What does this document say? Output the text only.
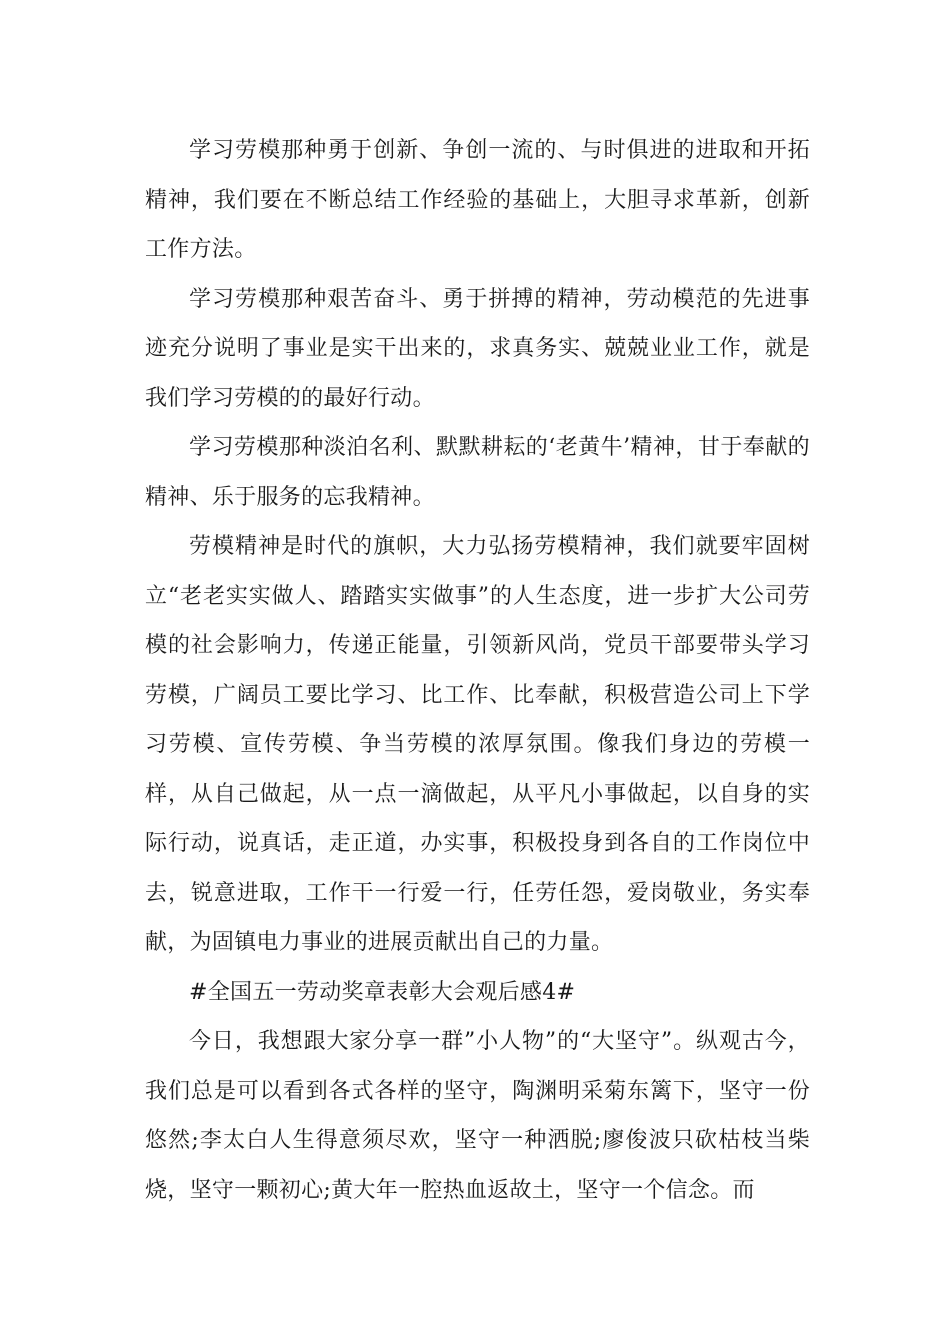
学习劳模那种勇于创新、争创一流的、与时俱进的进取和开拓精神，我们要在不断总结工作经验的基础上，大胆寻求革新，创新工作方法。

学习劳模那种艰苦奋斗、勇于拼搏的精神，劳动模范的先进事迹充分说明了事业是实干出来的，求真务实、兢兢业业工作，就是我们学习劳模的的最好行动。

学习劳模那种淡泊名利、默默耕耘的‘老黄牛’精神，甘于奉献的精神、乐于服务的忘我精神。

劳模精神是时代的旗帜，大力弘扬劳模精神，我们就要牢固树立“老老实实做人、踏踏实实做事”的人生态度，进一步扩大公司劳模的社会影响力，传递正能量，引领新风尚，党员干部要带头学习劳模，广阔员工要比学习、比工作、比奉献，积极营造公司上下学习劳模、宣传劳模、争当劳模的浓厚氛围。像我们身边的劳模一样，从自己做起，从一点一滴做起，从平凡小事做起，以自身的实际行动，说真话，走正道，办实事，积极投身到各自的工作岗位中去，锐意进取，工作干一行爱一行，任劳任怨，爱岗敬业，务实奉献，为固镇电力事业的进展贡献出自己的力量。

#全国五一劳动奖章表彰大会观后感4#

今日，我想跟大家分享一群”小人物”的“大坚守”。纵观古今，我们总是可以看到各式各样的坚守，陶渊明采菊东篱下，坚守一份悠然;李太白人生得意须尽欢，坚守一种洒脱;廖俊波只砍枯枝当柴烧，坚守一颗初心;黄大年一腔热血返故土，坚守一个信念。而
